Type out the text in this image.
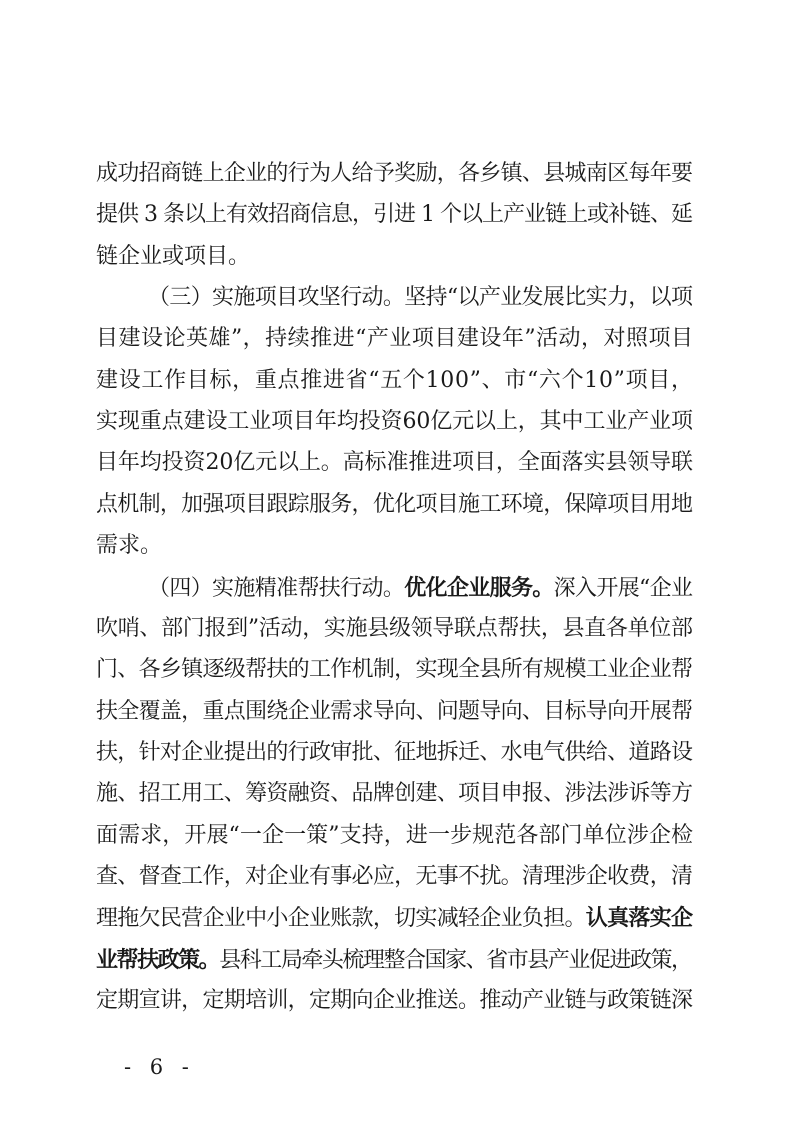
成功招商链上企业的行为人给予奖励，各乡镇、县城南区每年要
提供 3 条以上有效招商信息，引进 1 个以上产业链上或补链、延
链企业或项目。
（三）实施项目攻坚行动。坚持“以产业发展比实力，以项
目建设论英雄”，持续推进“产业项目建设年”活动，对照项目
建设工作目标，重点推进省“五个100”、市“六个10”项目，
实现重点建设工业项目年均投资60亿元以上，其中工业产业项
目年均投资20亿元以上。高标准推进项目，全面落实县领导联
点机制，加强项目跟踪服务，优化项目施工环境，保障项目用地
需求。
（四）实施精准帮扶行动。优化企业服务。深入开展“企业
吹哨、部门报到”活动，实施县级领导联点帮扶，县直各单位部
门、各乡镇逐级帮扶的工作机制，实现全县所有规模工业企业帮
扶全覆盖，重点围绕企业需求导向、问题导向、目标导向开展帮
扶，针对企业提出的行政审批、征地拆迁、水电气供给、道路设
施、招工用工、筹资融资、品牌创建、项目申报、涉法涉诉等方
面需求，开展“一企一策”支持，进一步规范各部门单位涉企检
查、督查工作，对企业有事必应，无事不扰。清理涉企收费，清
理拖欠民营企业中小企业账款，切实减轻企业负担。认真落实企
业帮扶政策。县科工局牵头梳理整合国家、省市县产业促进政策，
定期宣讲，定期培训，定期向企业推送。推动产业链与政策链深
- 6 -
